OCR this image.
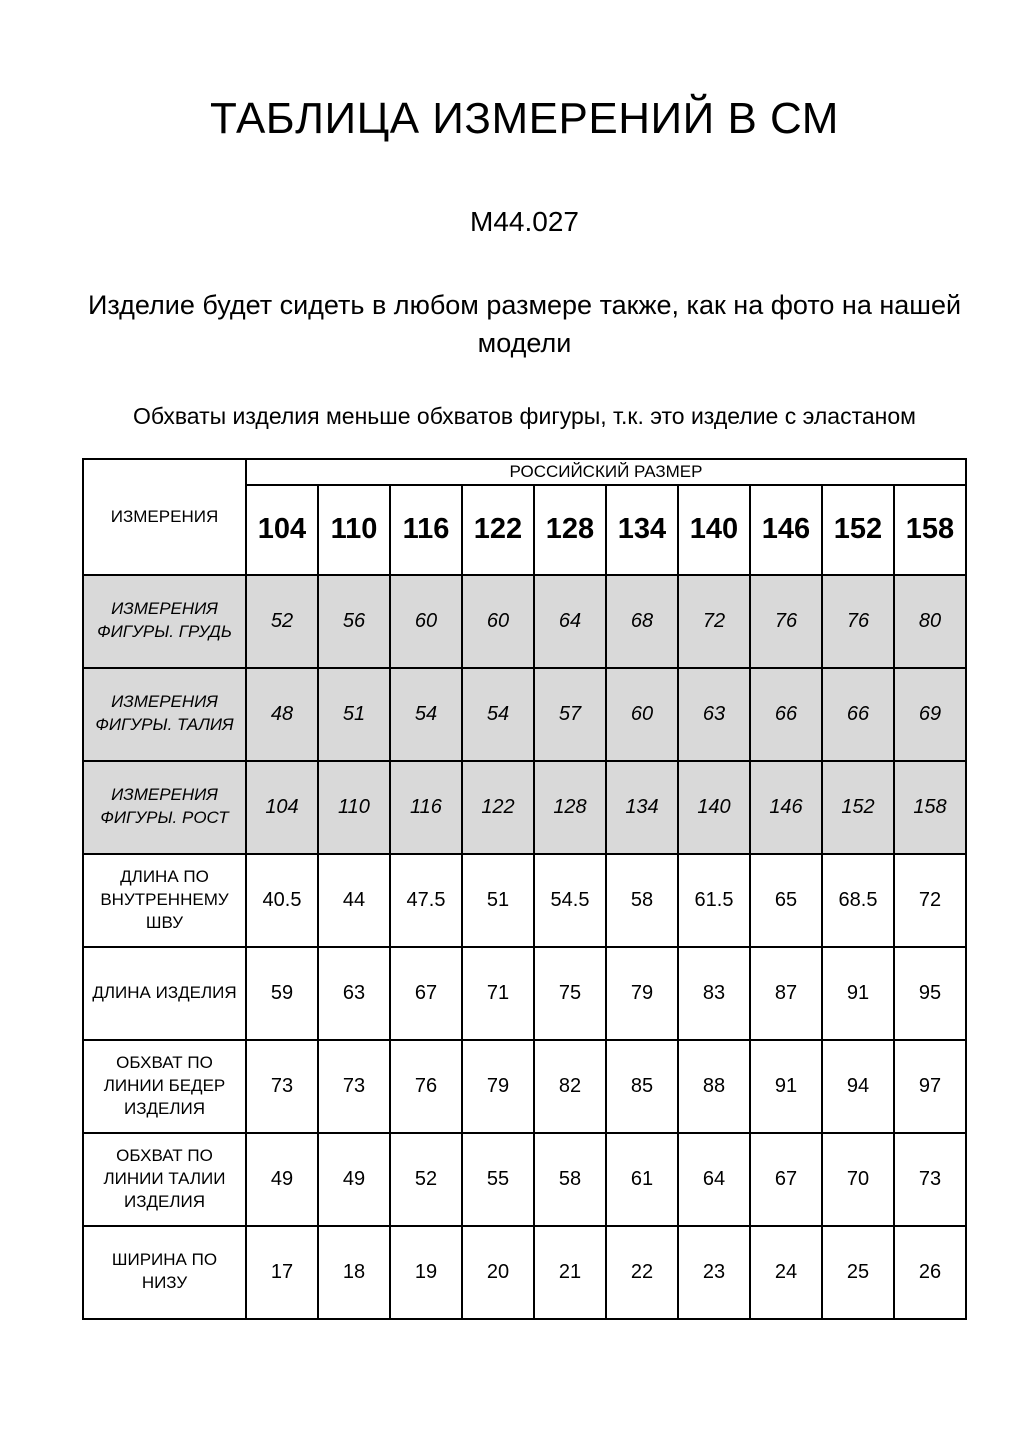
ТАБЛИЦА ИЗМЕРЕНИЙ В СМ
М44.027

Изделие будет сидеть в любом размере также, как на фото на нашей модели

Обхваты изделия меньше обхватов фигуры, т.к. это изделие с эластаном

ИЗМЕРЕНИЯ	РОССИЙСКИЙ РАЗМЕР									
	104	110	116	122	128	134	140	146	152	158
ИЗМЕРЕНИЯ ФИГУРЫ. ГРУДЬ	52	56	60	60	64	68	72	76	76	80
ИЗМЕРЕНИЯ ФИГУРЫ. ТАЛИЯ	48	51	54	54	57	60	63	66	66	69
ИЗМЕРЕНИЯ ФИГУРЫ. РОСТ	104	110	116	122	128	134	140	146	152	158
ДЛИНА ПО ВНУТРЕННЕМУ ШВУ	40.5	44	47.5	51	54.5	58	61.5	65	68.5	72
ДЛИНА ИЗДЕЛИЯ	59	63	67	71	75	79	83	87	91	95
ОБХВАТ ПО ЛИНИИ БЕДЕР ИЗДЕЛИЯ	73	73	76	79	82	85	88	91	94	97
ОБХВАТ ПО ЛИНИИ ТАЛИИ ИЗДЕЛИЯ	49	49	52	55	58	61	64	67	70	73
ШИРИНА ПО НИЗУ	17	18	19	20	21	22	23	24	25	26
